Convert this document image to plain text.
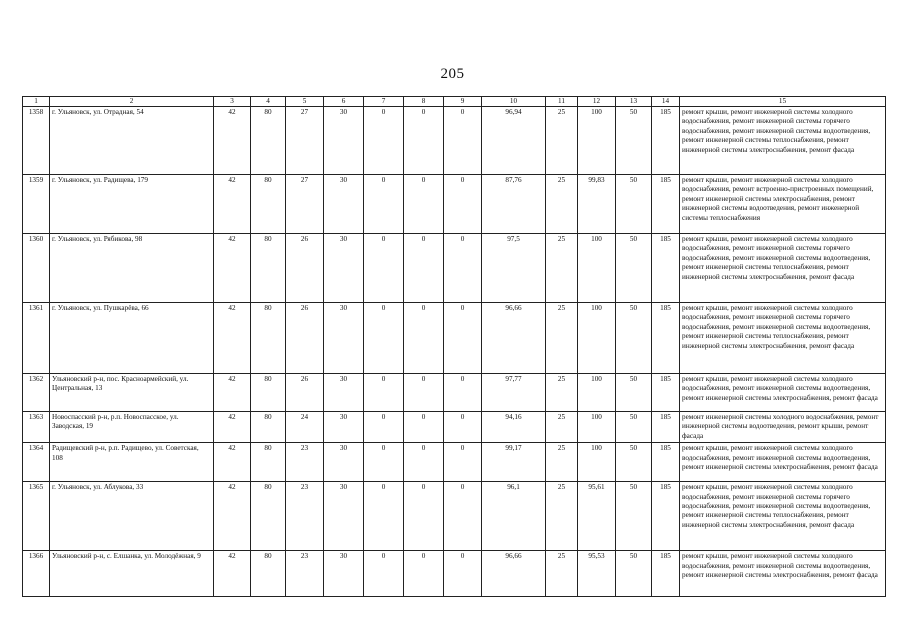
205
1	2	3	4	5	6	7	8	9	10	11	12	13	14	15
1358	г. Ульяновск, ул. Отрадная, 54	42	80	27	30	0	0	0	96,94	25	100	50	185	ремонт крыши, ремонт инженерной системы холодного водоснабжения, ремонт инженерной системы горячего водоснабжения, ремонт инженерной системы водоотведения, ремонт инженерной системы теплоснабжения, ремонт инженерной системы электроснабжения, ремонт фасада
1359	г. Ульяновск, ул. Радищева, 179	42	80	27	30	0	0	0	87,76	25	99,83	50	185	ремонт крыши, ремонт инженерной системы холодного водоснабжения, ремонт встроенно-пристроенных помещений, ремонт инженерной системы электроснабжения, ремонт инженерной системы водоотведения, ремонт инженерной системы теплоснабжения
1360	г. Ульяновск, ул. Рябикова, 98	42	80	26	30	0	0	0	97,5	25	100	50	185	ремонт крыши, ремонт инженерной системы холодного водоснабжения, ремонт инженерной системы горячего водоснабжения, ремонт инженерной системы водоотведения, ремонт инженерной системы теплоснабжения, ремонт инженерной системы электроснабжения, ремонт фасада
1361	г. Ульяновск, ул. Пушкарёва, 66	42	80	26	30	0	0	0	96,66	25	100	50	185	ремонт крыши, ремонт инженерной системы холодного водоснабжения, ремонт инженерной системы горячего водоснабжения, ремонт инженерной системы водоотведения, ремонт инженерной системы теплоснабжения, ремонт инженерной системы электроснабжения, ремонт фасада
1362	Ульяновский р-н, пос. Красноармейский, ул. Центральная, 13	42	80	26	30	0	0	0	97,77	25	100	50	185	ремонт крыши, ремонт инженерной системы холодного водоснабжения, ремонт инженерной системы водоотведения, ремонт инженерной системы электроснабжения, ремонт фасада
1363	Новоспасский р-н, р.п. Новоспасское, ул. Заводская, 19	42	80	24	30	0	0	0	94,16	25	100	50	185	ремонт инженерной системы холодного водоснабжения, ремонт инженерной системы водоотведения, ремонт крыши, ремонт фасада
1364	Радищевский р-н, р.п. Радищево, ул. Советская, 108	42	80	23	30	0	0	0	99,17	25	100	50	185	ремонт крыши, ремонт инженерной системы холодного водоснабжения, ремонт инженерной системы водоотведения, ремонт инженерной системы электроснабжения, ремонт фасада
1365	г. Ульяновск, ул. Аблукова, 33	42	80	23	30	0	0	0	96,1	25	95,61	50	185	ремонт крыши, ремонт инженерной системы холодного водоснабжения, ремонт инженерной системы горячего водоснабжения, ремонт инженерной системы водоотведения, ремонт инженерной системы теплоснабжения, ремонт инженерной системы электроснабжения, ремонт фасада
1366	Ульяновский р-н, с. Елшанка, ул. Молодёжная, 9	42	80	23	30	0	0	0	96,66	25	95,53	50	185	ремонт крыши, ремонт инженерной системы холодного водоснабжения, ремонт инженерной системы водоотведения, ремонт инженерной системы электроснабжения, ремонт фасада
